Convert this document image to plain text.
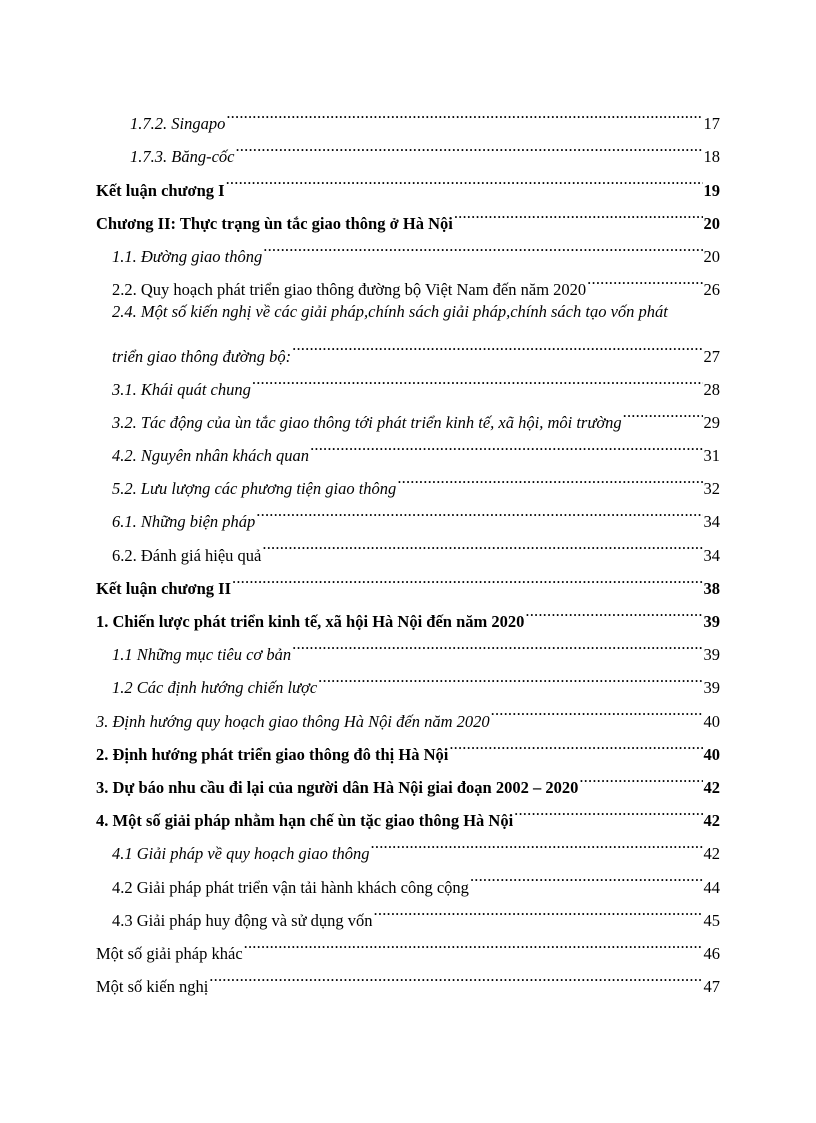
1.7.2. Singapo .....	17
1.7.3. Băng-cốc .....	18
Kết luận chương I .....	19
Chương II: Thực trạng ùn tắc giao thông ở Hà Nội .....	20
1.1. Đường giao thông .....	20
2.2. Quy hoạch phát triển giao thông đường bộ Việt Nam đến năm 2020 .....	26
2.4. Một số kiến nghị về các giải pháp,chính sách giải pháp,chính sách tạo vốn phát
triển giao thông đường bộ: .....	27
3.1. Khái quát chung .....	28
3.2. Tác động của ùn tắc giao thông tới phát triển kinh tế, xã hội, môi trường .....	29
4.2. Nguyên nhân khách quan .....	31
5.2. Lưu lượng các phương tiện giao thông .....	32
6.1. Những biện pháp .....	34
6.2. Đánh giá hiệu quả .....	34
Kết luận chương II .....	38
1. Chiến lược phát triển kinh tế, xã hội Hà Nội đến năm 2020 .....	39
1.1 Những mục tiêu cơ bản .....	39
1.2 Các định hướng chiến lược .....	39
3. Định hướng quy hoạch giao thông Hà Nội đến năm 2020 .....	40
2. Định hướng phát triển giao thông đô thị Hà Nội .....	40
3. Dự báo nhu cầu đi lại của người dân Hà Nội giai đoạn 2002 – 2020 .....	42
4. Một số giải pháp nhằm hạn chế ùn tặc giao thông Hà Nội .....	42
4.1 Giải pháp về quy hoạch giao thông .....	42
4.2 Giải pháp phát triển vận tải hành khách công cộng .....	44
4.3 Giải pháp huy động và sử dụng vốn .....	45
Một số giải pháp khác .....	46
Một số kiến nghị .....	47
